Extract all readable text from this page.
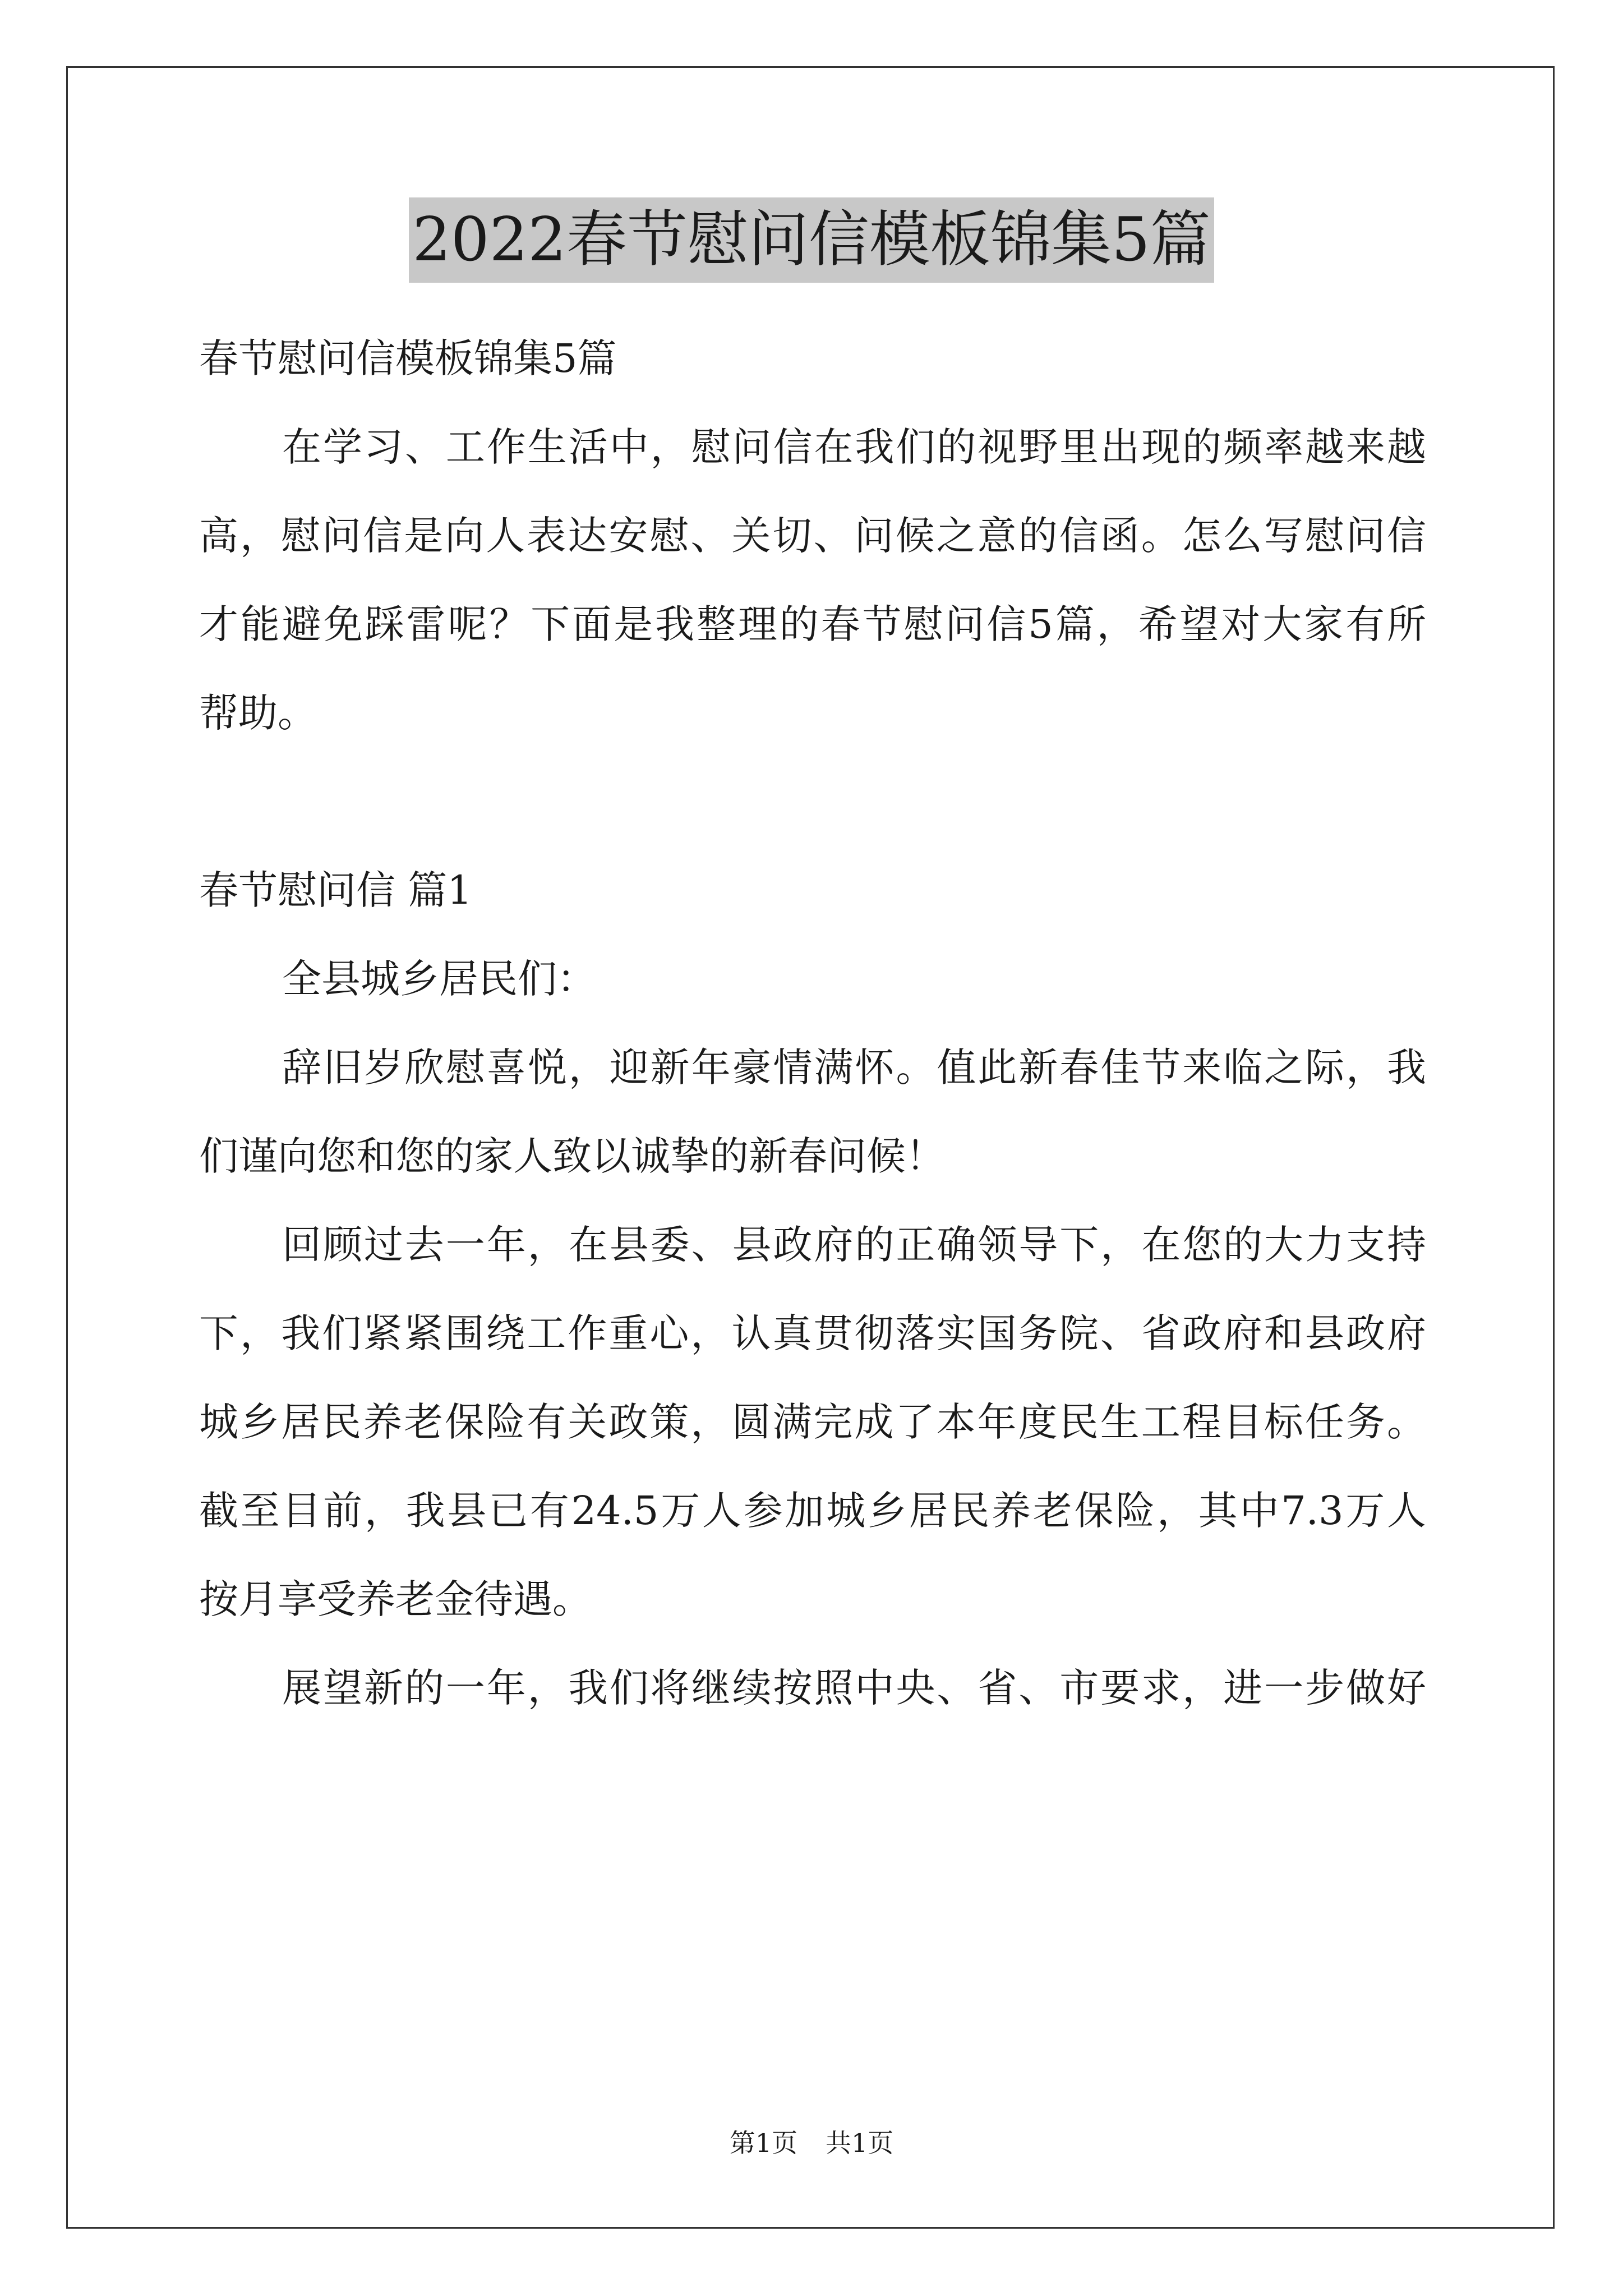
2022春节慰问信模板锦集5篇
春节慰问信模板锦集5篇
在学习、工作生活中，慰问信在我们的视野里出现的频率越来越
高，慰问信是向人表达安慰、关切、问候之意的信函。怎么写慰问信
才能避免踩雷呢？下面是我整理的春节慰问信5篇，希望对大家有所
帮助。
春节慰问信 篇1
全县城乡居民们：
辞旧岁欣慰喜悦，迎新年豪情满怀。值此新春佳节来临之际，我
们谨向您和您的家人致以诚挚的新春问候！
回顾过去一年，在县委、县政府的正确领导下，在您的大力支持
下，我们紧紧围绕工作重心，认真贯彻落实国务院、省政府和县政府
城乡居民养老保险有关政策，圆满完成了本年度民生工程目标任务。
截至目前，我县已有24.5万人参加城乡居民养老保险，其中7.3万人
按月享受养老金待遇。
展望新的一年，我们将继续按照中央、省、市要求，进一步做好
第1页 共1页
